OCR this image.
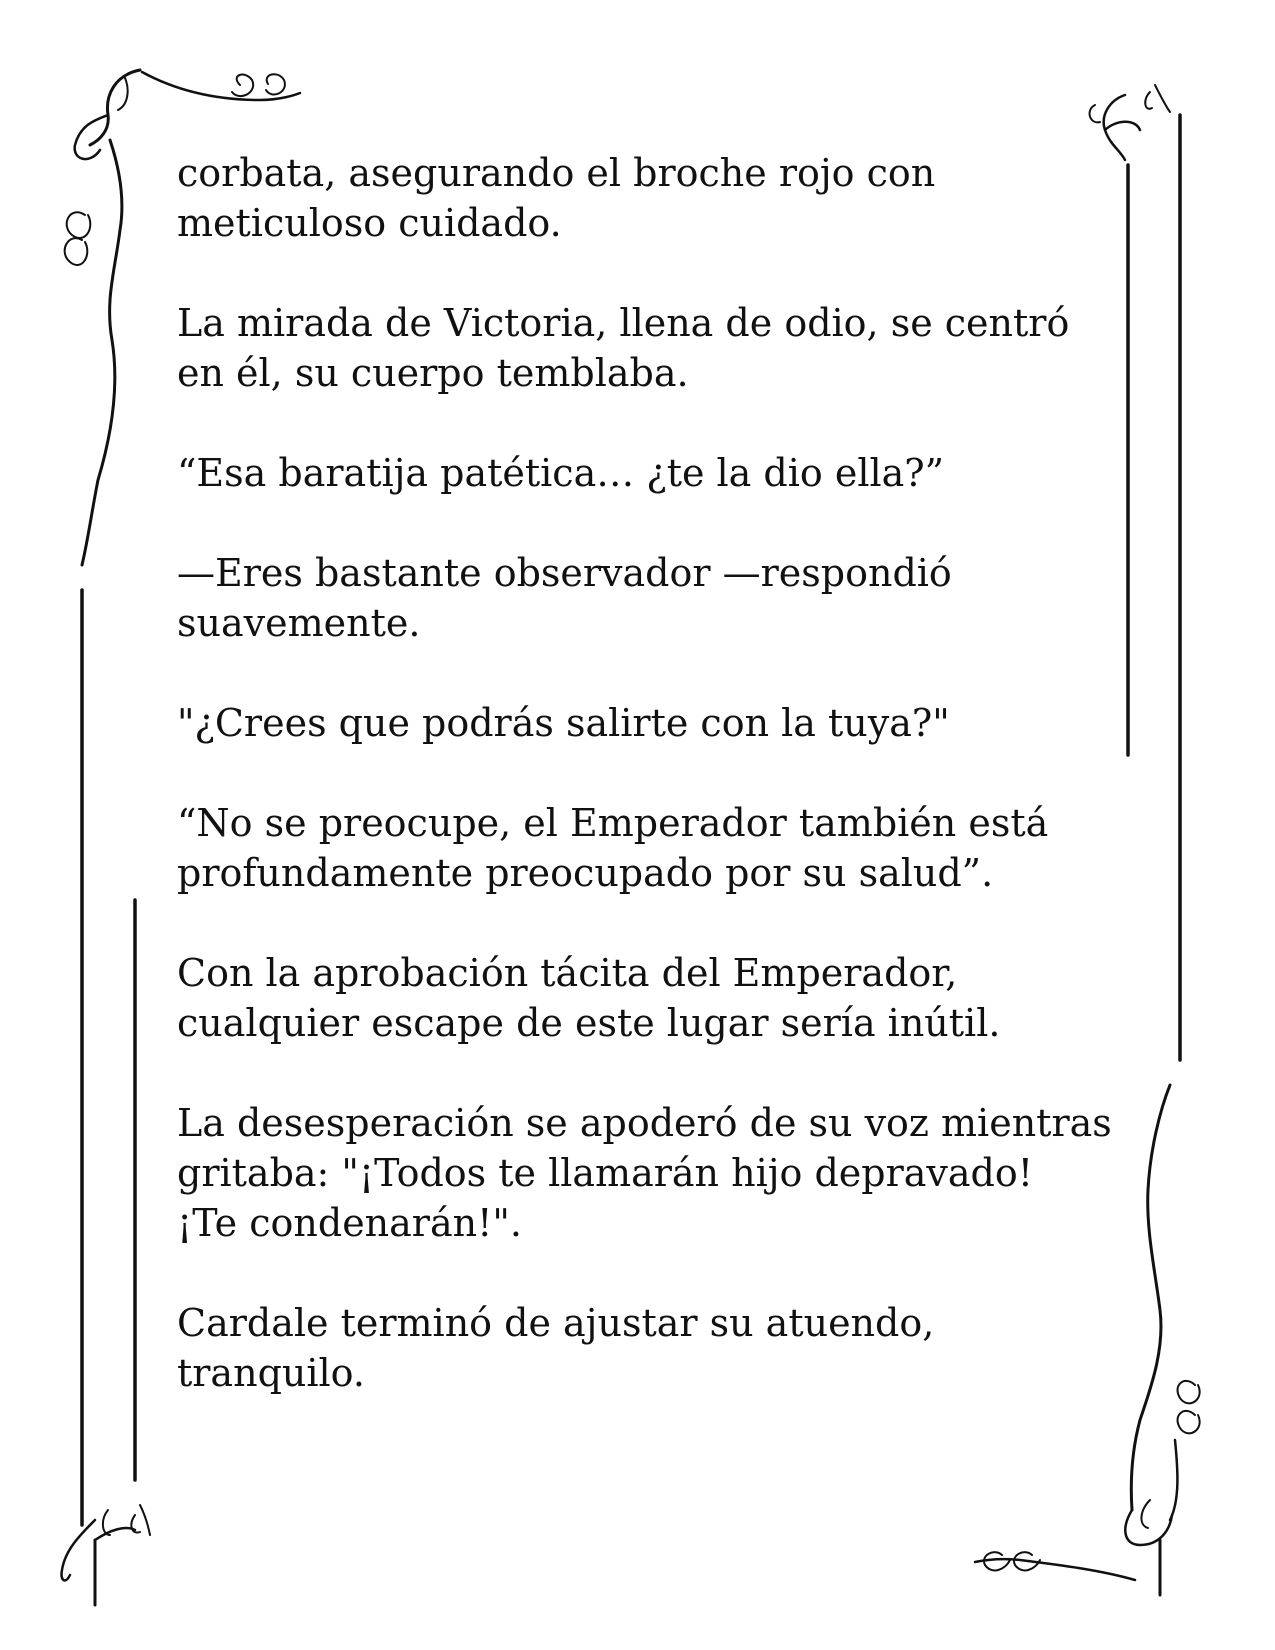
corbata, asegurando el broche rojo con
meticuloso cuidado.

La mirada de Victoria, llena de odio, se centró
en él, su cuerpo temblaba.

“Esa baratija patética… ¿te la dio ella?”

—Eres bastante observador —respondió
suavemente.

"¿Crees que podrás salirte con la tuya?"

“No se preocupe, el Emperador también está
profundamente preocupado por su salud”.

Con la aprobación tácita del Emperador,
cualquier escape de este lugar sería inútil.

La desesperación se apoderó de su voz mientras
gritaba: "¡Todos te llamarán hijo depravado!
¡Te condenarán!".

Cardale terminó de ajustar su atuendo,
tranquilo.
